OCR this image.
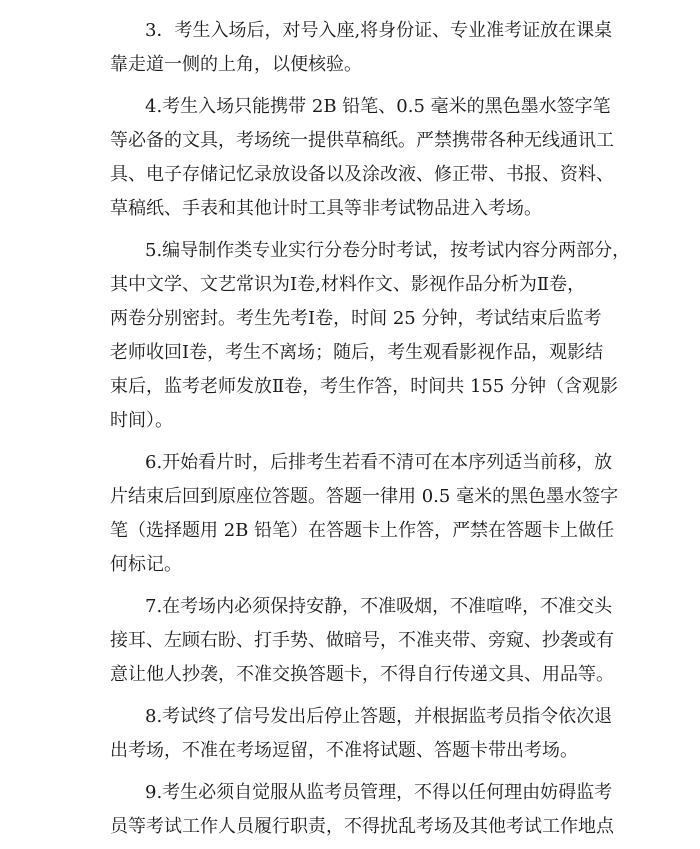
3．考生入场后，对号入座,将身份证、专业准考证放在课桌
靠走道一侧的上角，以便核验。
4.考生入场只能携带 2B 铅笔、0.5 毫米的黑色墨水签字笔
等必备的文具，考场统一提供草稿纸。严禁携带各种无线通讯工
具、电子存储记忆录放设备以及涂改液、修正带、书报、资料、
草稿纸、手表和其他计时工具等非考试物品进入考场。
5.编导制作类专业实行分卷分时考试，按考试内容分两部分，
其中文学、文艺常识为Ⅰ卷,材料作文、影视作品分析为Ⅱ卷，
两卷分别密封。考生先考Ⅰ卷，时间 25 分钟，考试结束后监考
老师收回Ⅰ卷，考生不离场；随后，考生观看影视作品，观影结
束后，监考老师发放Ⅱ卷，考生作答，时间共 155 分钟（含观影
时间）。
6.开始看片时，后排考生若看不清可在本序列适当前移，放
片结束后回到原座位答题。答题一律用 0.5 毫米的黑色墨水签字
笔（选择题用 2B 铅笔）在答题卡上作答，严禁在答题卡上做任
何标记。
7.在考场内必须保持安静，不准吸烟，不准喧哗，不准交头
接耳、左顾右盼、打手势、做暗号，不准夹带、旁窥、抄袭或有
意让他人抄袭，不准交换答题卡，不得自行传递文具、用品等。
8.考试终了信号发出后停止答题，并根据监考员指令依次退
出考场，不准在考场逗留，不准将试题、答题卡带出考场。
9.考生必须自觉服从监考员管理，不得以任何理由妨碍监考
员等考试工作人员履行职责，不得扰乱考场及其他考试工作地点
